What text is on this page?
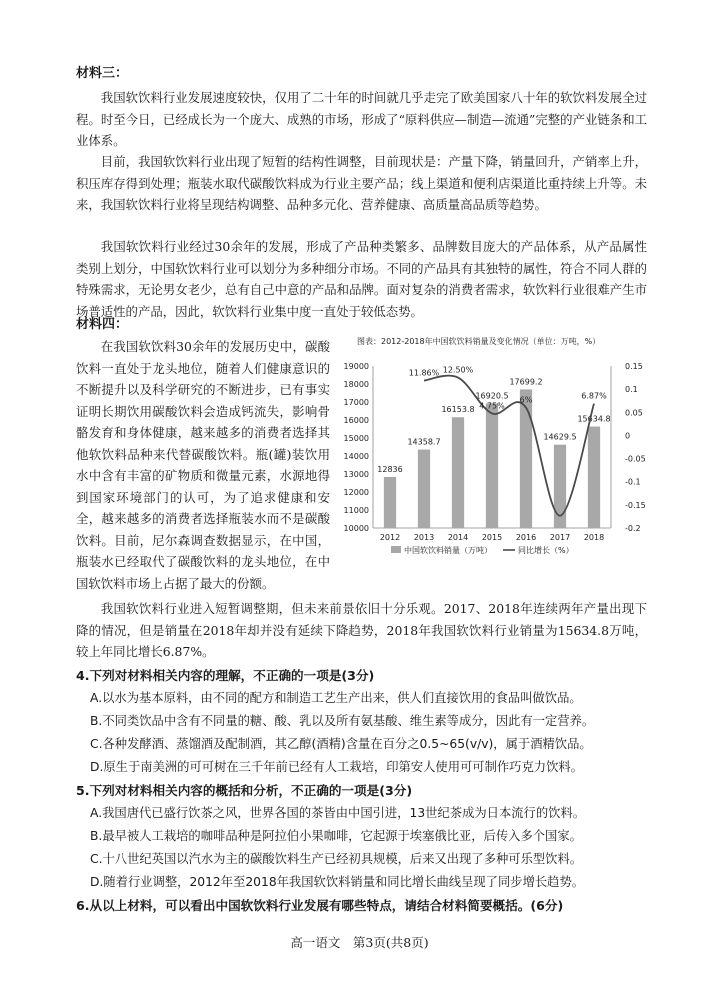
材料三：

我国软饮料行业发展速度较快，仅用了二十年的时间就几乎走完了欧美国家八十年的软饮料发展全过程。时至今日，已经成长为一个庞大、成熟的市场，形成了“原料供应—制造—流通”完整的产业链条和工业体系。

目前，我国软饮料行业出现了短暂的结构性调整，目前现状是：产量下降，销量回升，产销率上升，积压库存得到处理；瓶装水取代碳酸饮料成为行业主要产品；线上渠道和便利店渠道比重持续上升等。未来，我国软饮料行业将呈现结构调整、品种多元化、营养健康、高质量高品质等趋势。

我国软饮料行业经过30余年的发展，形成了产品种类繁多、品牌数目庞大的产品体系，从产品属性类别上划分，中国软饮料行业可以划分为多种细分市场。不同的产品具有其独特的属性，符合不同人群的特殊需求，无论男女老少，总有自己中意的产品和品牌。面对复杂的消费者需求，软饮料行业很难产生市场普适性的产品，因此，软饮料行业集中度一直处于较低态势。

材料四：

在我国软饮料30余年的发展历史中，碳酸饮料一直处于龙头地位，随着人们健康意识的不断提升以及科学研究的不断进步，已有事实证明长期饮用碳酸饮料会造成钙流失，影响骨骼发育和身体健康，越来越多的消费者选择其他软饮料品种来代替碳酸饮料。瓶(罐)装饮用水中含有丰富的矿物质和微量元素，水源地得到国家环境部门的认可，为了追求健康和安全，越来越多的消费者选择瓶装水而不是碳酸饮料。目前，尼尔森调查数据显示，在中国，瓶装水已经取代了碳酸饮料的龙头地位，在中国软饮料市场上占据了最大的份额。

图表：2012-2018年中国软饮料销量及变化情况（单位：万吨，%）
10000
11000
12000
13000
14000
15000
16000
17000
18000
19000
-0.2
-0.15
-0.1
-0.05
0
0.05
0.1
0.15
12836
14358.7
16153.8
16920.5
17699.2
14629.5
15634.8
11.86% 12.50%
4.75%
6%	6.87%
2012 2013 2014 2015 2016 2017 2018
中国软饮料销量（万吨）	同比增长（%）

我国软饮料行业进入短暂调整期，但未来前景依旧十分乐观。2017、2018年连续两年产量出现下降的情况，但是销量在2018年却并没有延续下降趋势，2018年我国软饮料行业销量为15634.8万吨，较上年同比增长6.87%。

4.下列对材料相关内容的理解，不正确的一项是(3分)
A.以水为基本原料，由不同的配方和制造工艺生产出来，供人们直接饮用的食品叫做饮品。
B.不同类饮品中含有不同量的糖、酸、乳以及所有氨基酸、维生素等成分，因此有一定营养。
C.各种发酵酒、蒸馏酒及配制酒，其乙醇(酒精)含量在百分之0.5~65(v/v)，属于酒精饮品。
D.原生于南美洲的可可树在三千年前已经有人工栽培，印第安人使用可可制作巧克力饮料。
5.下列对材料相关内容的概括和分析，不正确的一项是(3分)
A.我国唐代已盛行饮茶之风，世界各国的茶皆由中国引进，13世纪茶成为日本流行的饮料。
B.最早被人工栽培的咖啡品种是阿拉伯小果咖啡，它起源于埃塞俄比亚，后传入多个国家。
C.十八世纪英国以汽水为主的碳酸饮料生产已经初具规模，后来又出现了多种可乐型饮料。
D.随着行业调整，2012年至2018年我国软饮料销量和同比增长曲线呈现了同步增长趋势。
6.从以上材料，可以看出中国软饮料行业发展有哪些特点，请结合材料简要概括。(6分)
高一语文　第3页(共8页)
